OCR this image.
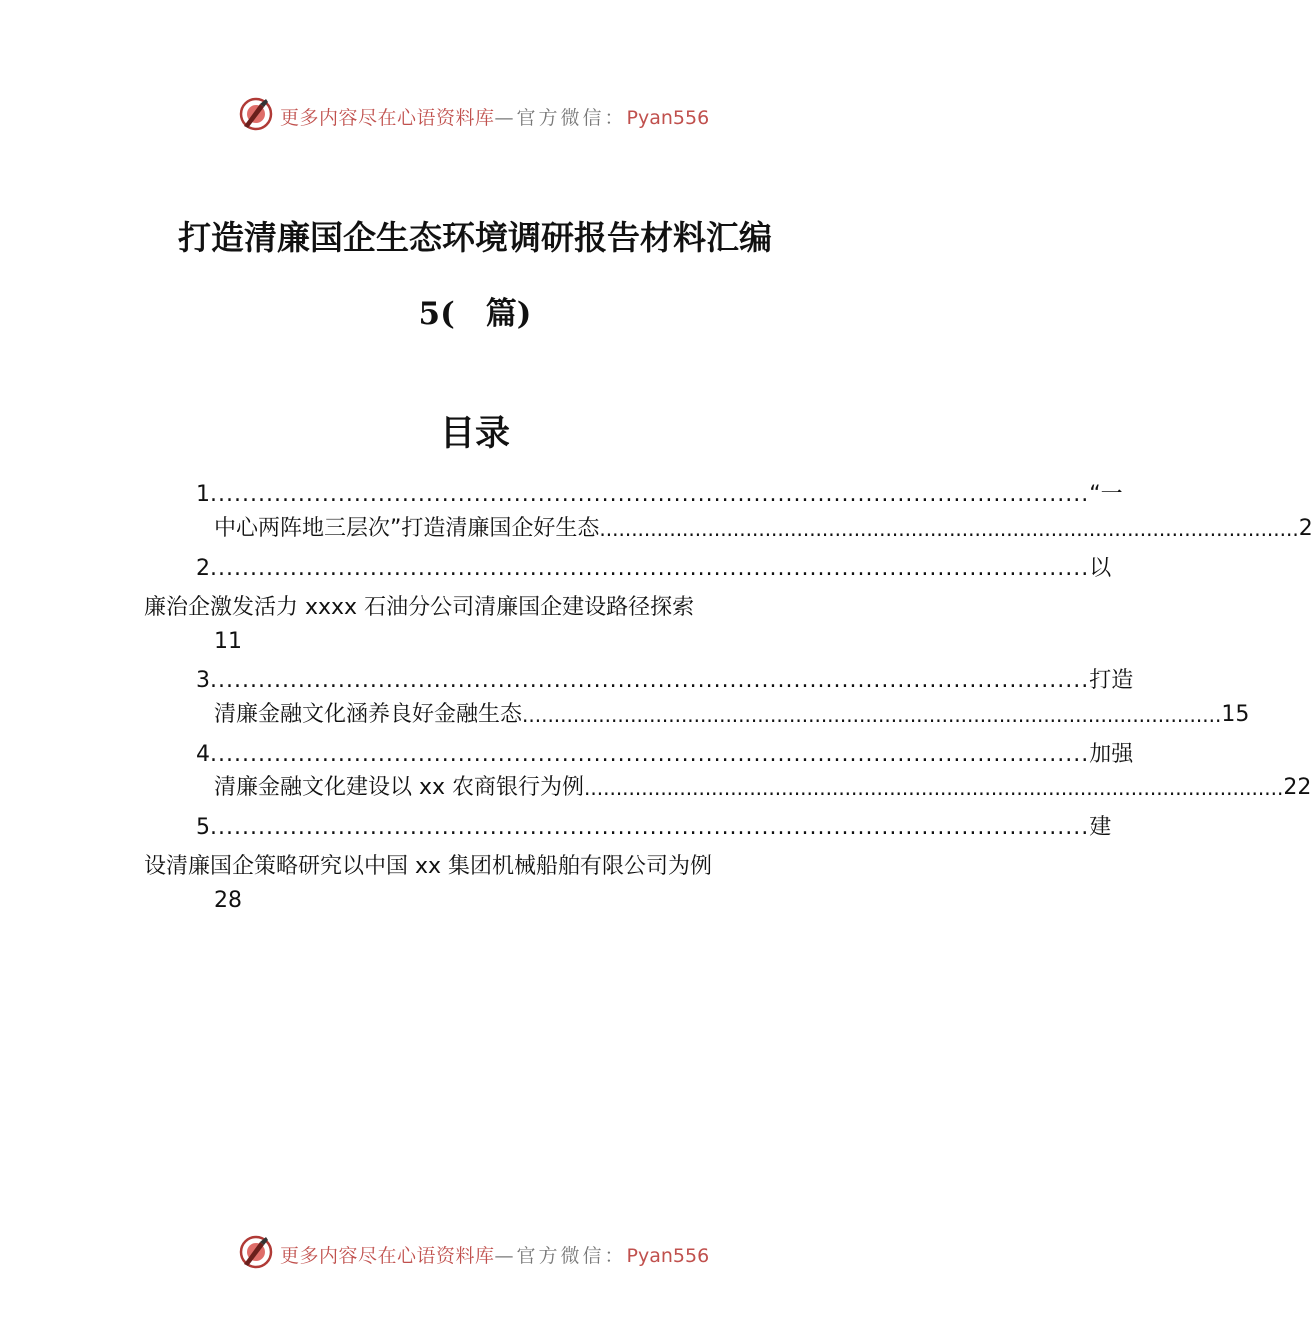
更多内容尽在心语资料库—官方微信：Pyan556
打造清廉国企生态环境调研报告材料汇编
5(　篇)
目录
1 .............................................................................................................. “一
中心两阵地三层次”打造清廉国企好生态 .............................................................................................................. 2
2 .............................................................................................................. 以
廉治企激发活力 xxxx 石油分公司清廉国企建设路径探索
11
3 .............................................................................................................. 打造
清廉金融文化涵养良好金融生态 .............................................................................................................. 15
4 .............................................................................................................. 加强
清廉金融文化建设以 xx 农商银行为例 .............................................................................................................. 22
5 .............................................................................................................. 建
设清廉国企策略研究以中国 xx 集团机械船舶有限公司为例
28
更多内容尽在心语资料库—官方微信：Pyan556
